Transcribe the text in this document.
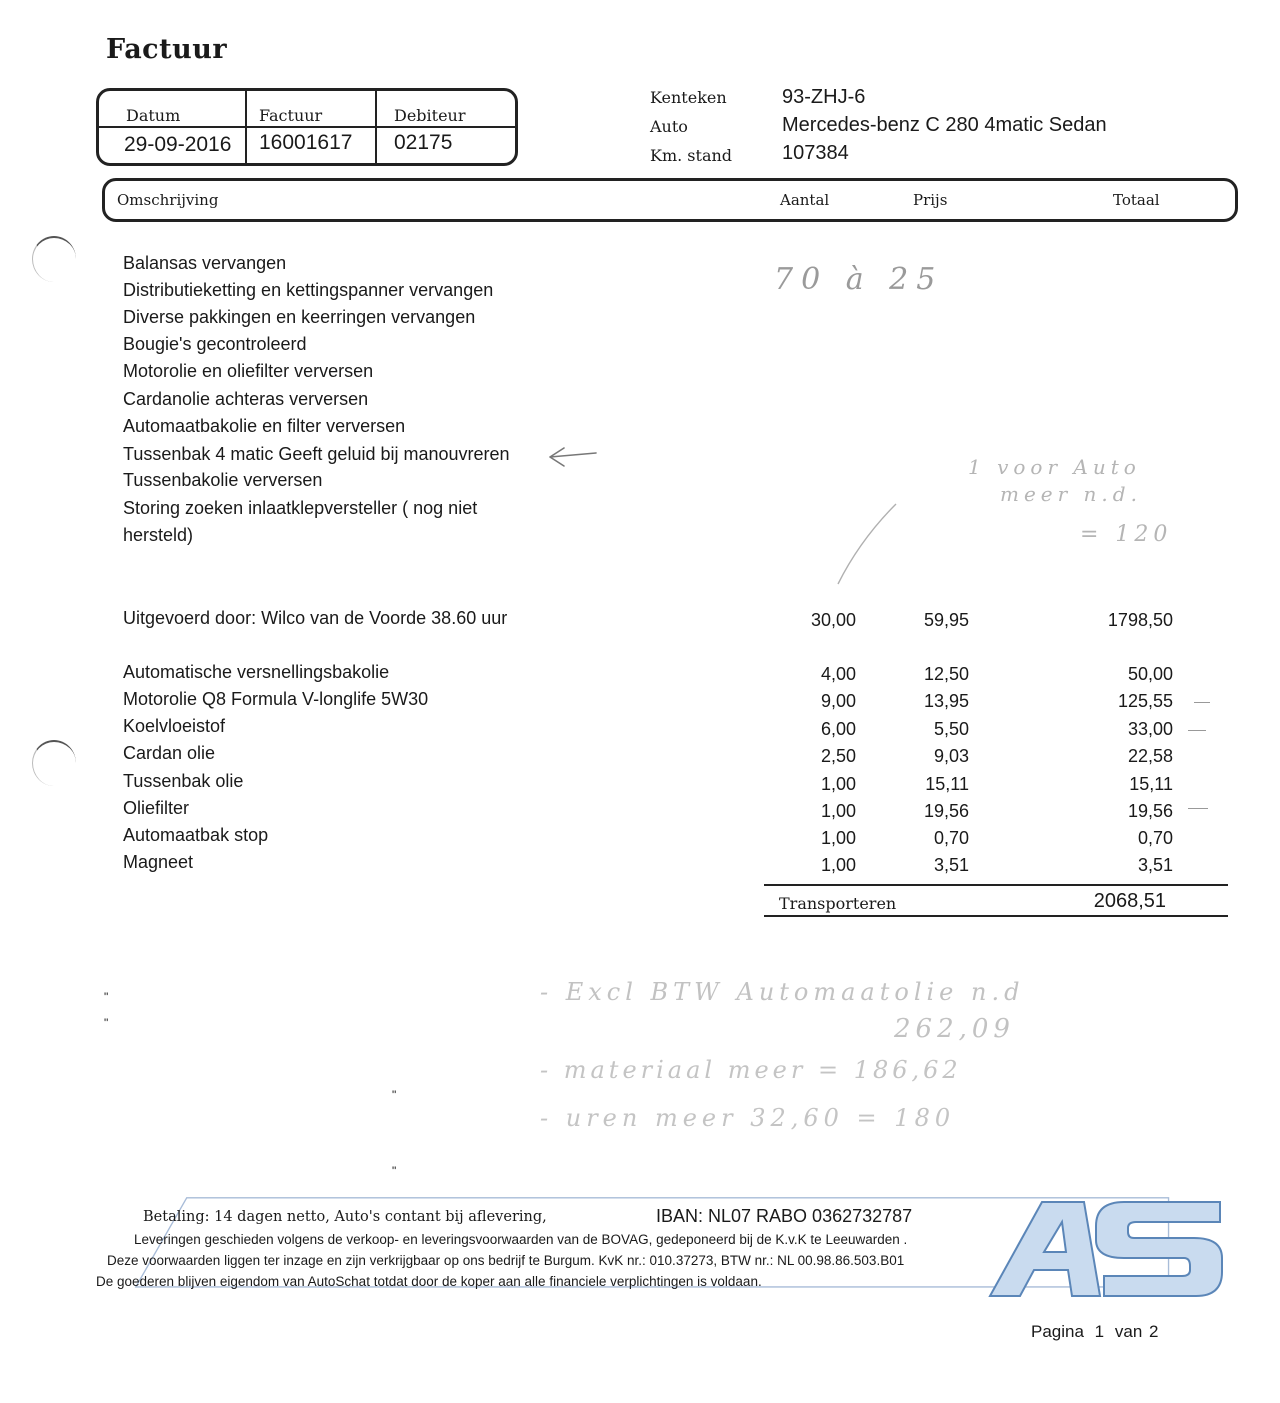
Factuur
Datum	Factuur	Debiteur
29-09-2016 16001617 02175
Kenteken	93-ZHJ-6
Auto	Mercedes-benz C 280 4matic Sedan
Km. stand 107384
Omschrijving	Aantal	Prijs	Totaal
Balansas vervangen
Distributieketting en kettingspanner vervangen
Diverse pakkingen en keerringen vervangen
Bougie's gecontroleerd
Motorolie en oliefilter verversen
Cardanolie achteras verversen
Automaatbakolie en filter verversen
Tussenbak 4 matic Geeft geluid bij manouvreren
Tussenbakolie verversen
Storing zoeken inlaatklepversteller ( nog niet
hersteld)
70 à 25
1 voor Auto
meer n.d.
= 120
Uitgevoerd door: Wilco van de Voorde 38.60 uur	30,00	59,95	1798,50
Automatische versnellingsbakolie	4,00	12,50	50,00
Motorolie Q8 Formula V-longlife 5W30	9,00	13,95	125,55
Koelvloeistof	6,00	5,50	33,00
Cardan olie	2,50	9,03	22,58
Tussenbak olie	1,00	15,11	15,11
Oliefilter	1,00	19,56	19,56
Automaatbak stop	1,00	0,70	0,70
Magneet	1,00	3,51	3,51
Transporteren	2068,51
- Excl BTW Automaatolie n.d
262,09
- materiaal meer = 186,62
- uren meer 32,60 = 180
"
"
"
"
Betaling: 14 dagen netto, Auto's contant bij aflevering,	IBAN: NL07 RABO 0362732787
Leveringen geschieden volgens de verkoop- en leveringsvoorwaarden van de BOVAG, gedeponeerd bij de K.v.K te Leeuwarden .
Deze voorwaarden liggen ter inzage en zijn verkrijgbaar op ons bedrijf te Burgum. KvK nr.: 010.37273, BTW nr.: NL 00.98.86.503.B01
De goederen blijven eigendom van AutoSchat totdat door de koper aan alle financiele verplichtingen is voldaan.
Pagina 1 van 2
